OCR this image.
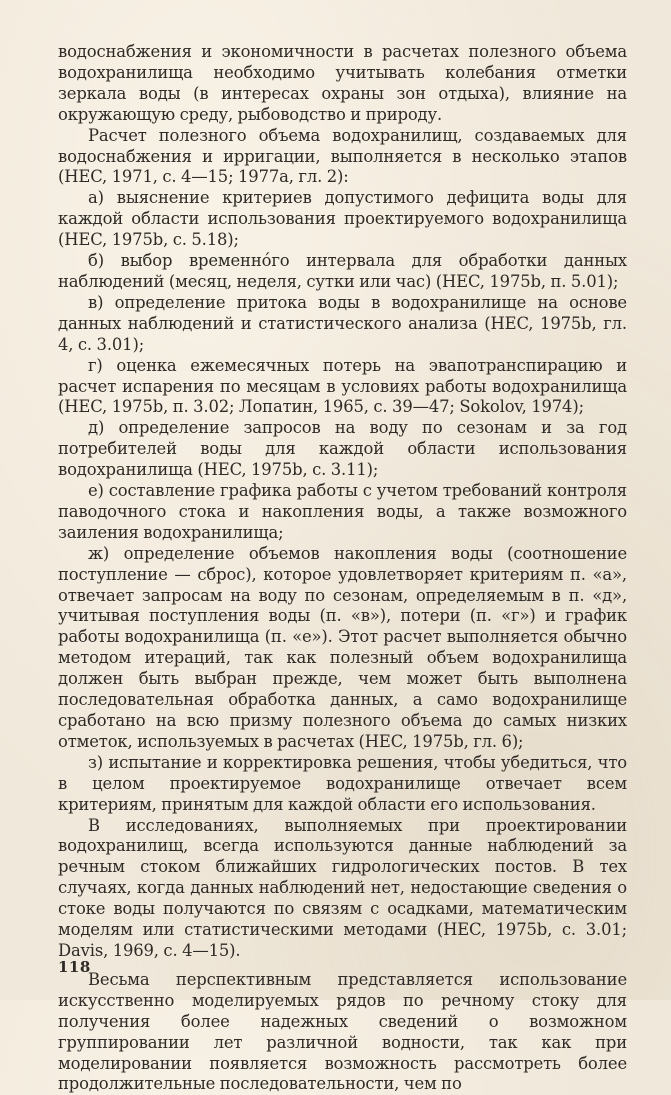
водоснабжения и экономичности в расчетах полезного объема водохранилища необходимо учитывать колебания отметки зеркала воды (в интересах охраны зон отдыха), влияние на окружающую среду, рыбоводство и природу.

Расчет полезного объема водохранилищ, создаваемых для водоснабжения и ирригации, выполняется в несколько этапов (HEC, 1971, с. 4—15; 1977а, гл. 2):

а) выяснение критериев допустимого дефицита воды для каждой области использования проектируемого водохранилища (HEC, 1975b, с. 5.18);

б) выбор временнóго интервала для обработки данных наблюдений (месяц, неделя, сутки или час) (HEC, 1975b, п. 5.01);

в) определение притока воды в водохранилище на основе данных наблюдений и статистического анализа (HEC, 1975b, гл. 4, с. 3.01);

г) оценка ежемесячных потерь на эвапотранспирацию и расчет испарения по месяцам в условиях работы водохранилища (HEC, 1975b, п. 3.02; Лопатин, 1965, с. 39—47; Sokolov, 1974);

д) определение запросов на воду по сезонам и за год потребителей воды для каждой области использования водохранилища (HEC, 1975b, с. 3.11);

е) составление графика работы с учетом требований контроля паводочного стока и накопления воды, а также возможного заиления водохранилища;

ж) определение объемов накопления воды (соотношение поступление — сброс), которое удовлетворяет критериям п. «а», отвечает запросам на воду по сезонам, определяемым в п. «д», учитывая поступления воды (п. «в»), потери (п. «г») и график работы водохранилища (п. «е»). Этот расчет выполняется обычно методом итераций, так как полезный объем водохранилища должен быть выбран прежде, чем может быть выполнена последовательная обработка данных, а само водохранилище сработано на всю призму полезного объема до самых низких отметок, используемых в расчетах (HEC, 1975b, гл. 6);

з) испытание и корректировка решения, чтобы убедиться, что в целом проектируемое водохранилище отвечает всем критериям, принятым для каждой области его использования.

В исследованиях, выполняемых при проектировании водохранилищ, всегда используются данные наблюдений за речным стоком ближайших гидрологических постов. В тех случаях, когда данных наблюдений нет, недостающие сведения о стоке воды получаются по связям с осадками, математическим моделям или статистическими методами (HEC, 1975b, с. 3.01; Davis, 1969, с. 4—15).

Весьма перспективным представляется использование искусственно моделируемых рядов по речному стоку для получения более надежных сведений о возможном группировании лет различной водности, так как при моделировании появляется возможность рассмотреть более продолжительные последовательности, чем по

118
